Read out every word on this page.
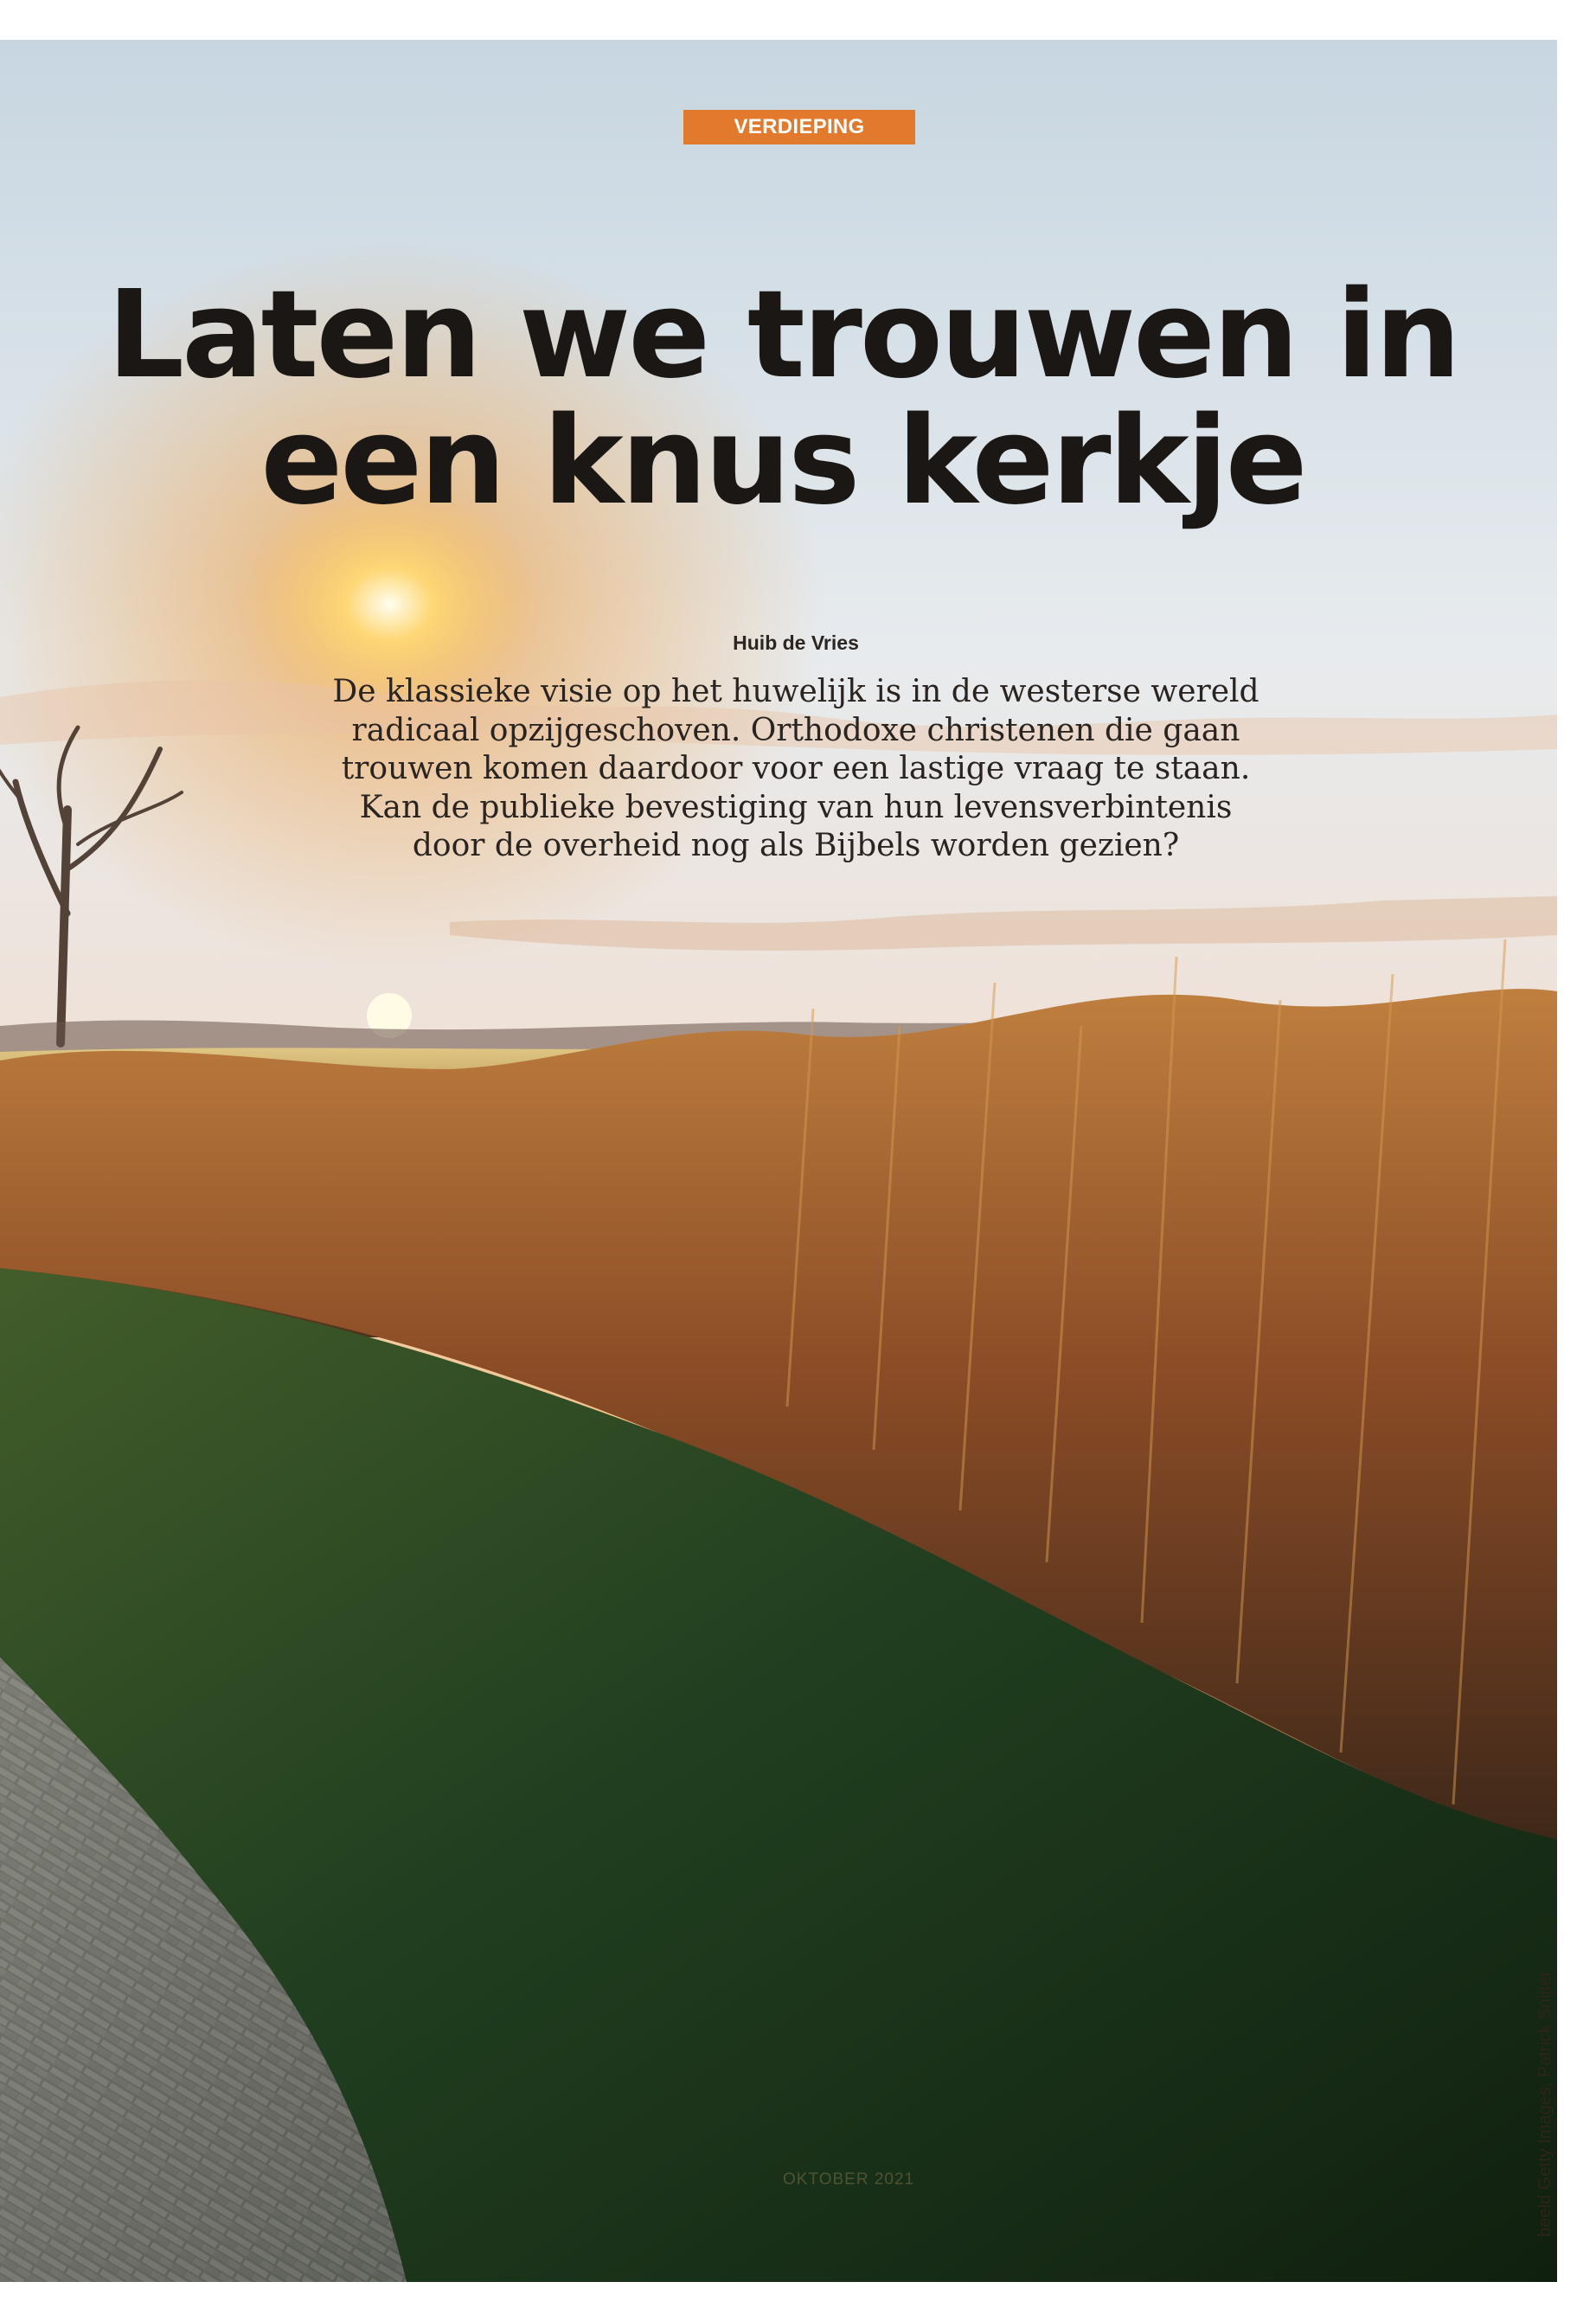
VERDIEPING
Laten we trouwen in
een knus kerkje
Huib de Vries
De klassieke visie op het huwelijk is in de westerse wereld
radicaal opzijgeschoven. Orthodoxe christenen die gaan
trouwen komen daardoor voor een lastige vraag te staan.
Kan de publieke bevestiging van hun levensverbintenis
door de overheid nog als Bijbels worden gezien?
OKTOBER 2021	beeld Getty Images, Patrick Snijter
